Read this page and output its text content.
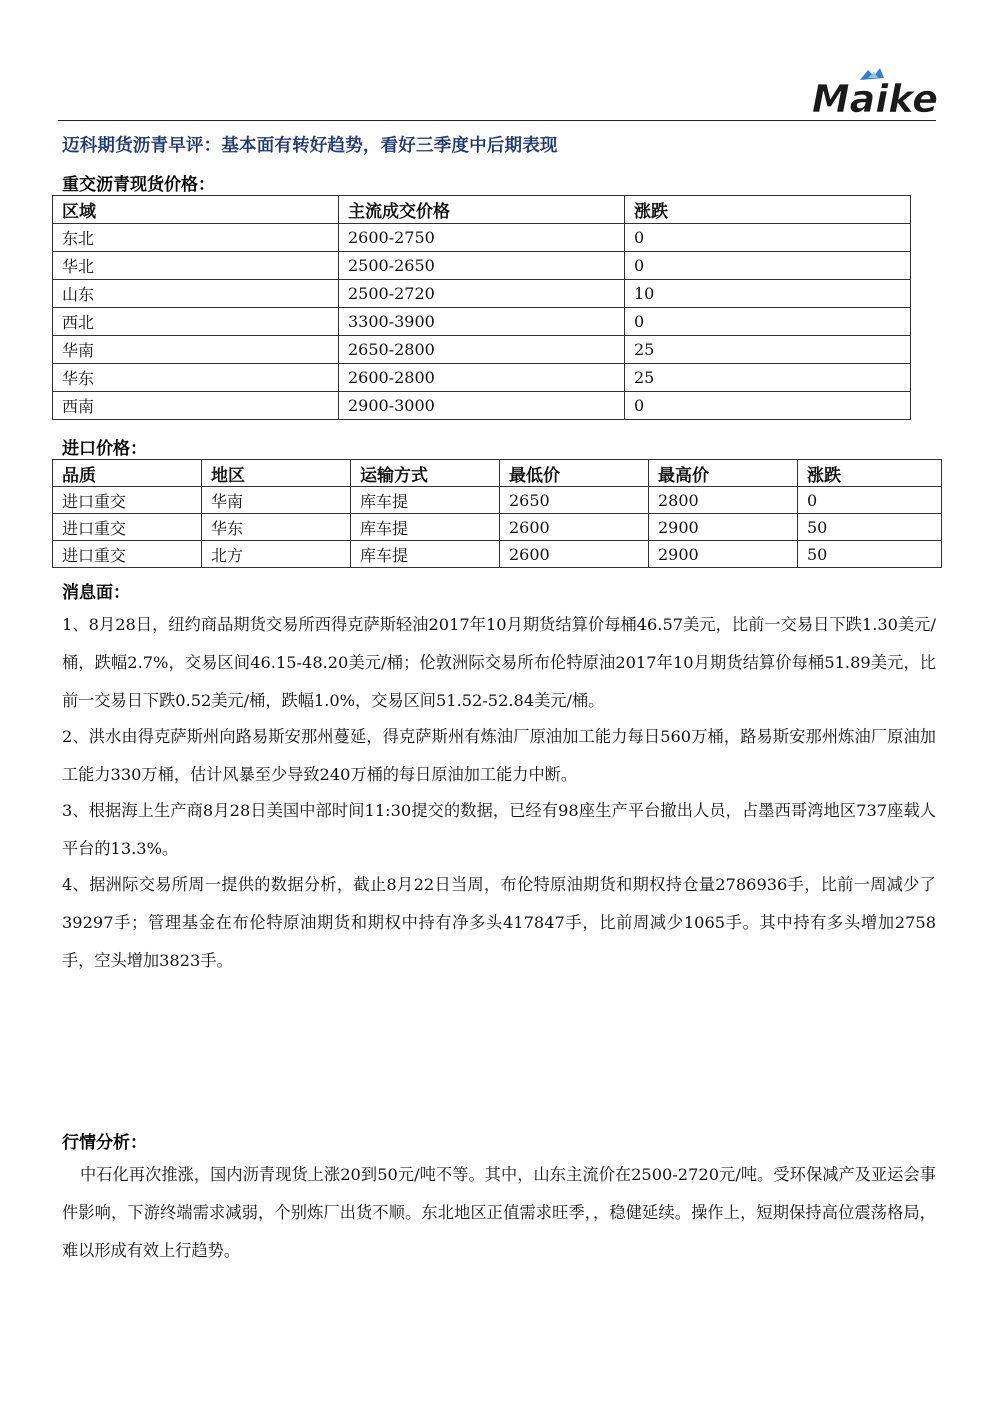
Maike
迈科期货沥青早评：基本面有转好趋势，看好三季度中后期表现
重交沥青现货价格：
区域	主流成交价格	涨跌
东北	2600-2750	0
华北	2500-2650	0
山东	2500-2720	10
西北	3300-3900	0
华南	2650-2800	25
华东	2600-2800	25
西南	2900-3000	0
进口价格：
品质	地区	运输方式	最低价	最高价	涨跌
进口重交	华南	库车提	2650	2800	0
进口重交	华东	库车提	2600	2900	50
进口重交	北方	库车提	2600	2900	50
消息面：

1、8月28日，纽约商品期货交易所西得克萨斯轻油2017年10月期货结算价每桶46.57美元，比前一交易日下跌1.30美元/桶，跌幅2.7%，交易区间46.15-48.20美元/桶；伦敦洲际交易所布伦特原油2017年10月期货结算价每桶51.89美元，比前一交易日下跌0.52美元/桶，跌幅1.0%，交易区间51.52-52.84美元/桶。

2、洪水由得克萨斯州向路易斯安那州蔓延，得克萨斯州有炼油厂原油加工能力每日560万桶，路易斯安那州炼油厂原油加工能力330万桶，估计风暴至少导致240万桶的每日原油加工能力中断。

3、根据海上生产商8月28日美国中部时间11:30提交的数据，已经有98座生产平台撤出人员，占墨西哥湾地区737座载人平台的13.3%。

4、据洲际交易所周一提供的数据分析，截止8月22日当周，布伦特原油期货和期权持仓量2786936手，比前一周减少了39297手；管理基金在布伦特原油期货和期权中持有净多头417847手，比前周减少1065手。其中持有多头增加2758手，空头增加3823手。

行情分析：

中石化再次推涨，国内沥青现货上涨20到50元/吨不等。其中，山东主流价在2500-2720元/吨。受环保减产及亚运会事件影响，下游终端需求减弱，个别炼厂出货不顺。东北地区正值需求旺季，，稳健延续。操作上，短期保持高位震荡格局，难以形成有效上行趋势。
